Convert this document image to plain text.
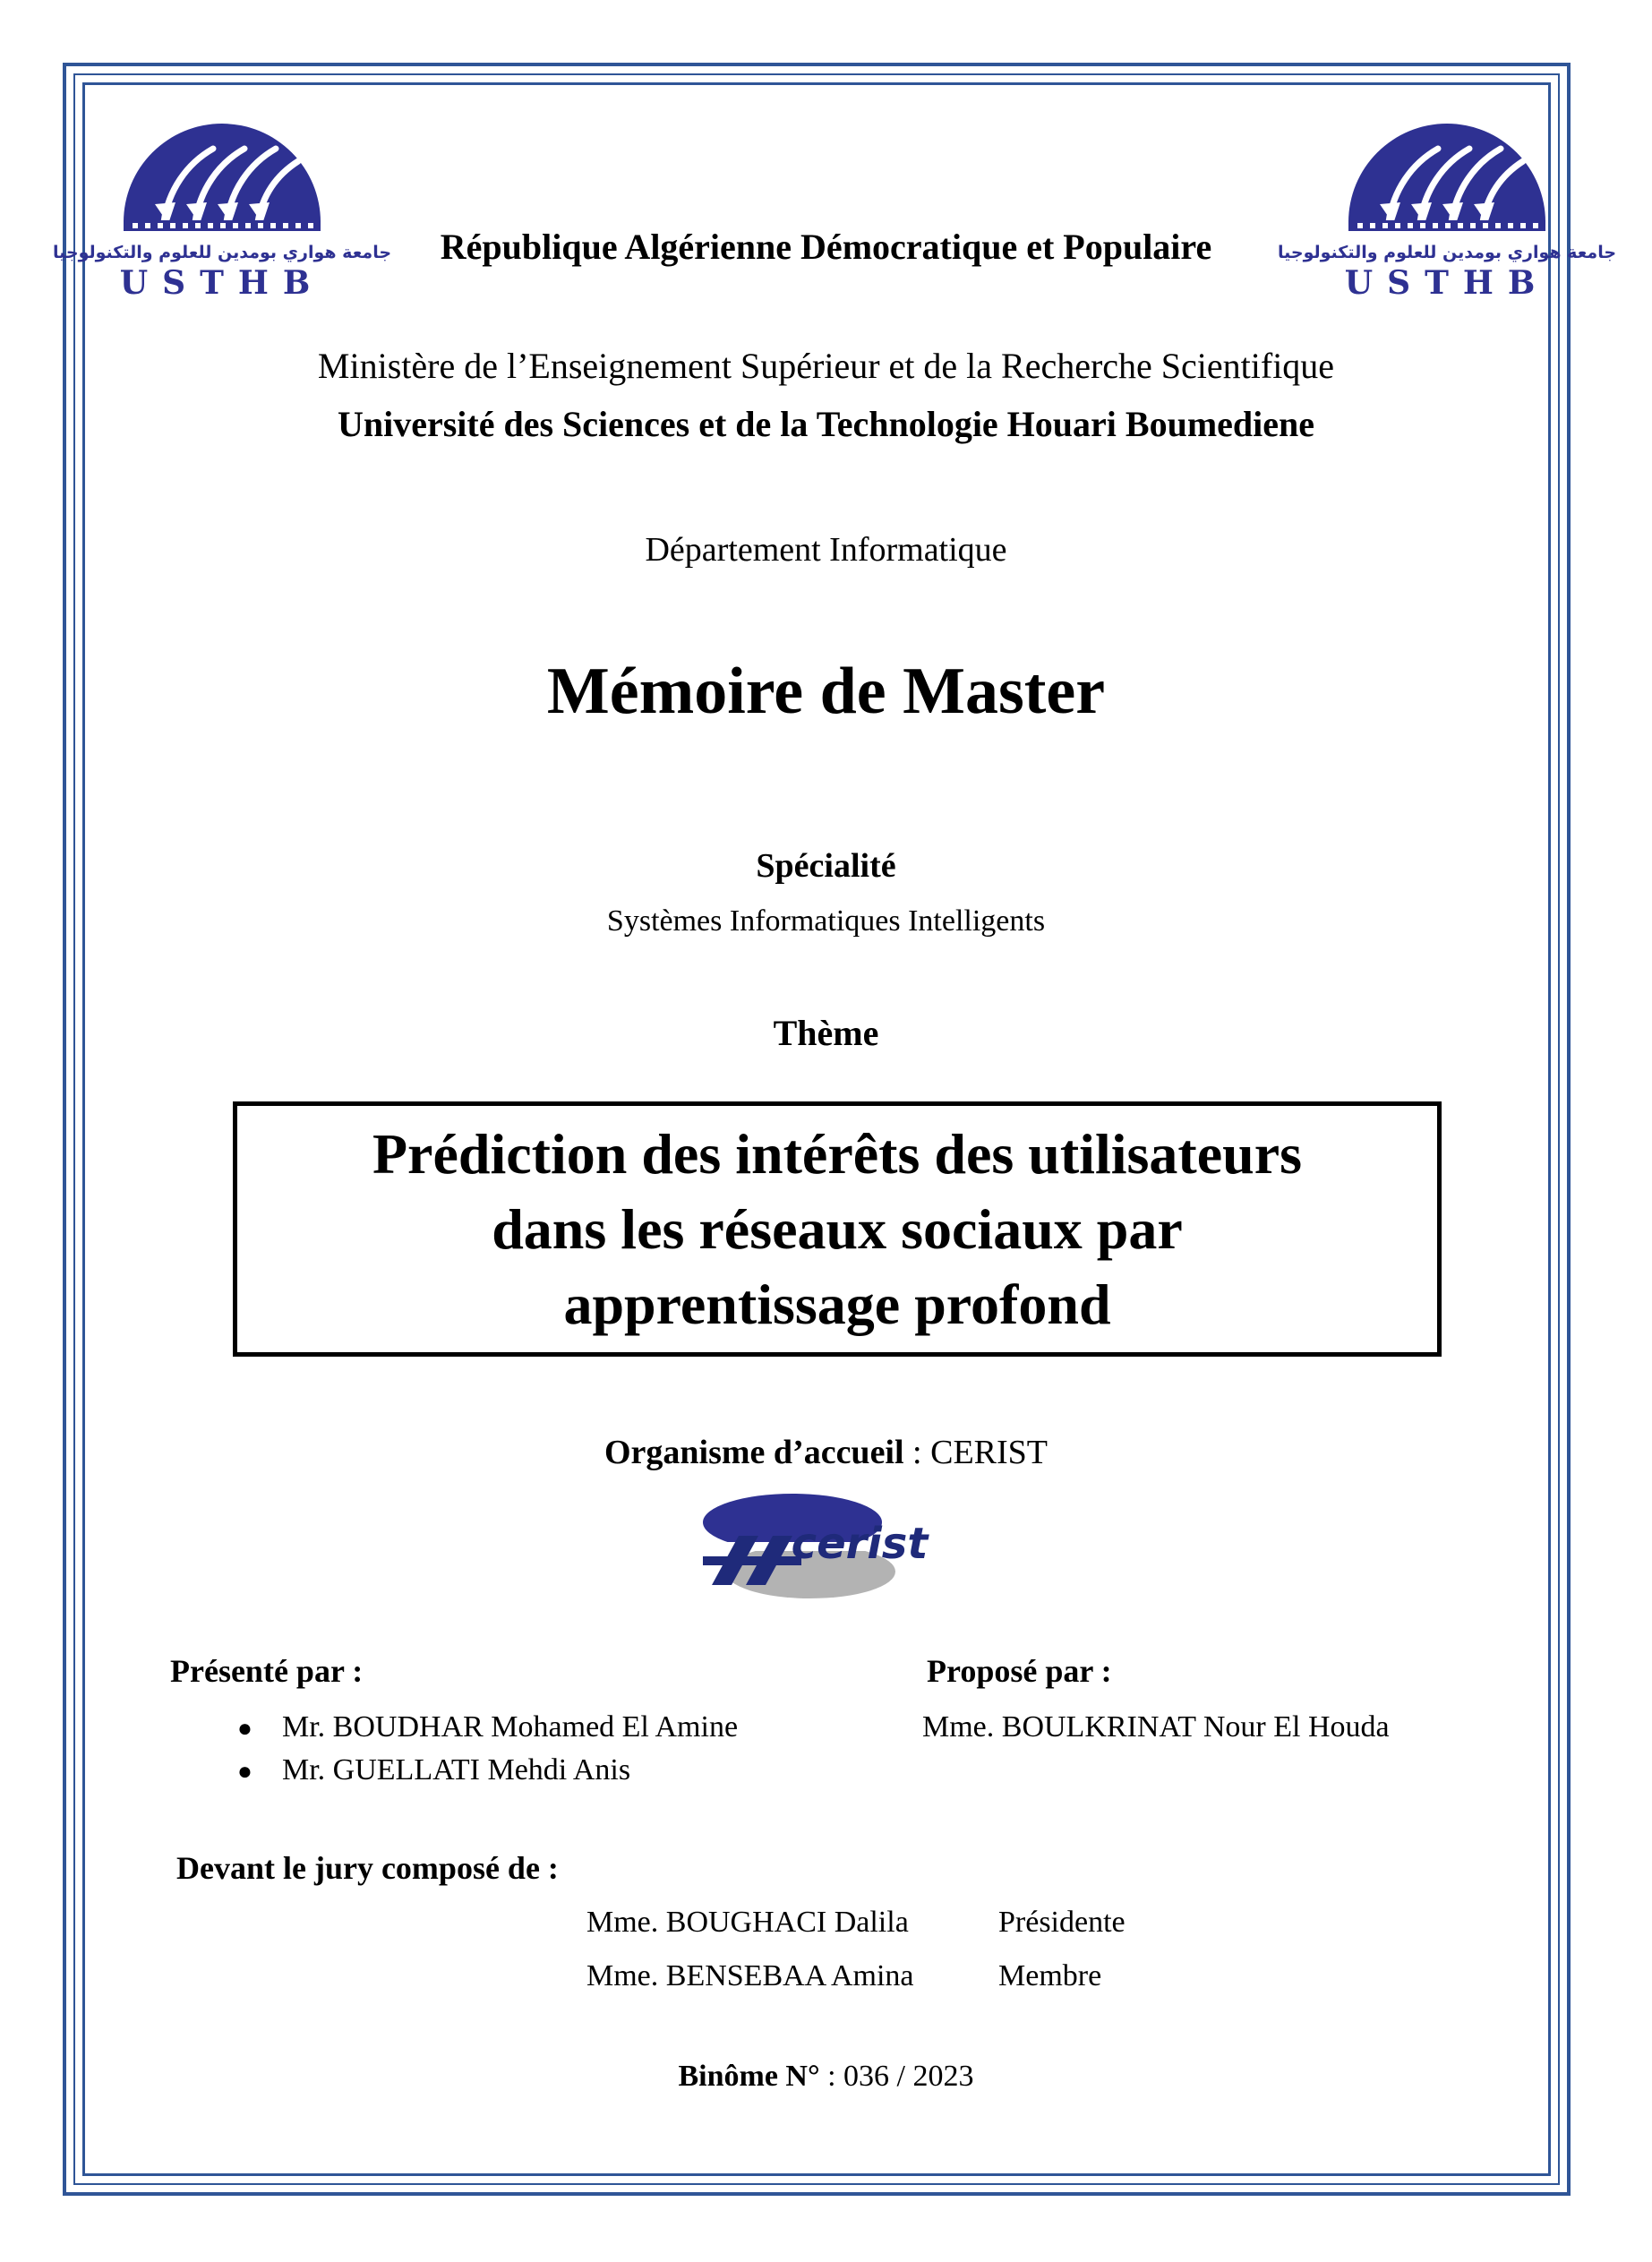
جامعة هواري بومدين للعلوم والتكنولوجيا
USTHB
جامعة هواري بومدين للعلوم والتكنولوجيا
USTHB
République Algérienne Démocratique et Populaire
Ministère de l’Enseignement Supérieur et de la Recherche Scientifique
Université des Sciences et de la Technologie Houari Boumediene
Département Informatique
Mémoire de Master
Spécialité
Systèmes Informatiques Intelligents
Thème
Prédiction des intérêts des utilisateurs
dans les réseaux sociaux par
apprentissage profond
Organisme d’accueil : CERIST
cerist
Présenté par :	Proposé par :
● Mr. BOUDHAR Mohamed El Amine
● Mr. GUELLATI Mehdi Anis
Mme. BOULKRINAT Nour El Houda
Devant le jury composé de :
Mme. BOUGHACI Dalila	Présidente
Mme. BENSEBAA Amina	Membre
Binôme N° : 036 / 2023
